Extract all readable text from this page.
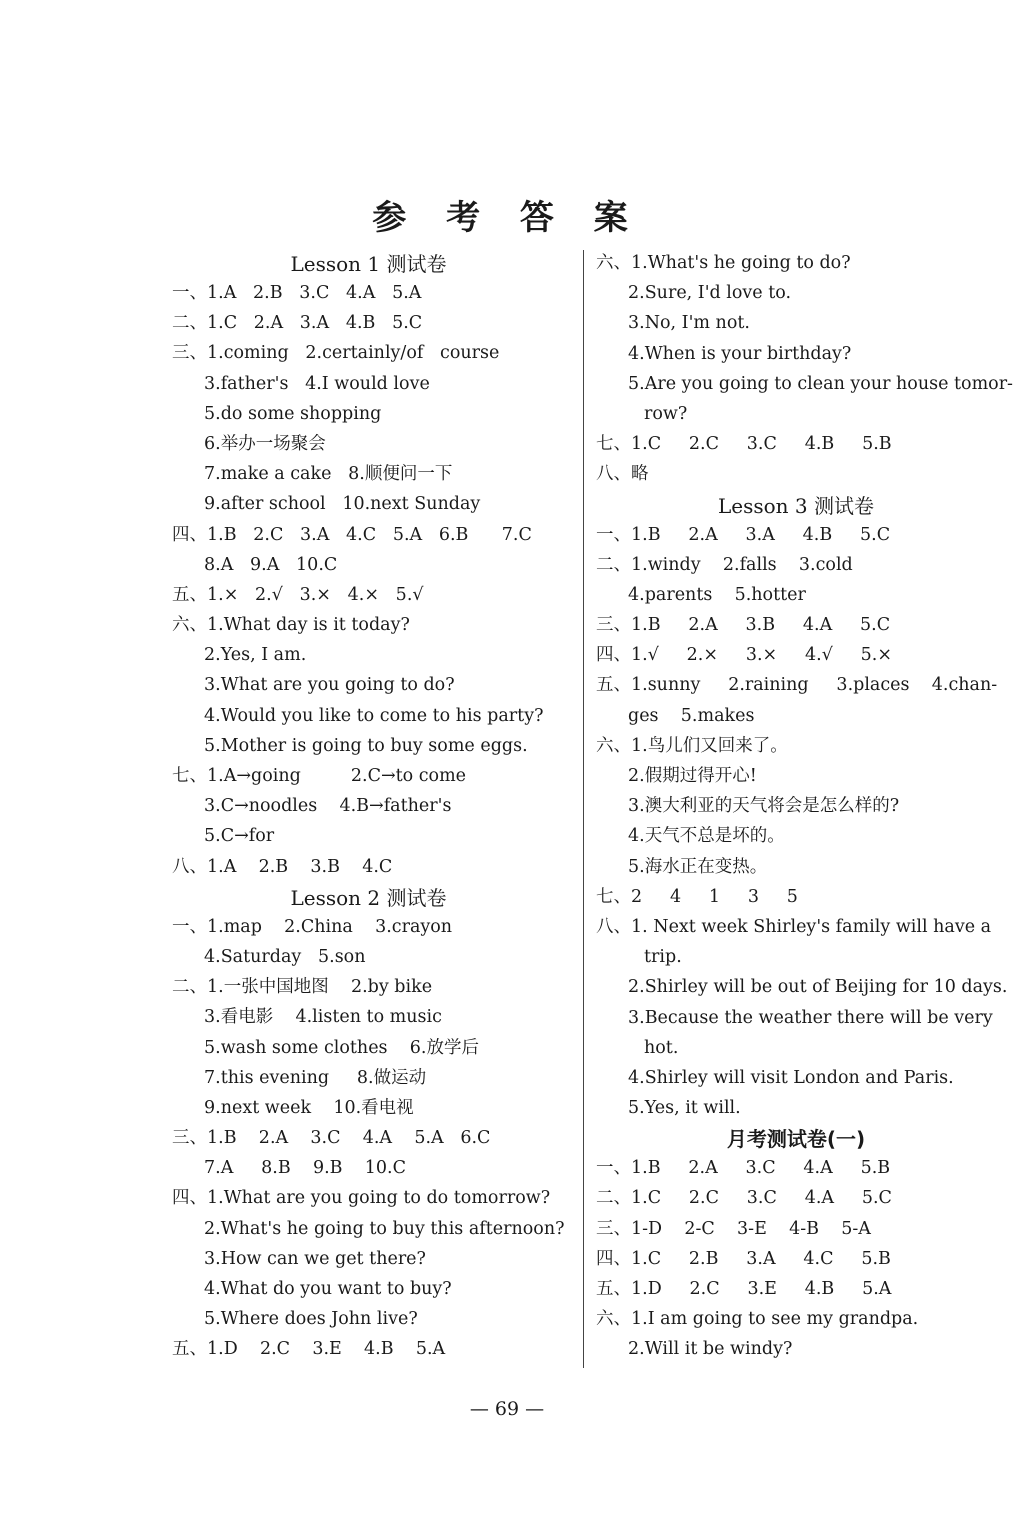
参 考 答 案
Lesson 1 测试卷
一、1.A   2.B   3.C   4.A   5.A
二、1.C   2.A   3.A   4.B   5.C
三、1.coming   2.certainly/of   course
3.father's   4.I would love
5.do some shopping
6.举办一场聚会
7.make a cake   8.顺便问一下
9.after school   10.next Sunday
四、1.B   2.C   3.A   4.C   5.A   6.B      7.C
8.A   9.A   10.C
五、1.×   2.√   3.×   4.×   5.√
六、1.What day is it today?
2.Yes, I am.
3.What are you going to do?
4.Would you like to come to his party?
5.Mother is going to buy some eggs.
七、1.A→going         2.C→to come
3.C→noodles    4.B→father's
5.C→for
八、1.A    2.B    3.B    4.C
Lesson 2 测试卷
一、1.map    2.China    3.crayon
4.Saturday   5.son
二、1.一张中国地图    2.by bike
3.看电影    4.listen to music
5.wash some clothes    6.放学后
7.this evening     8.做运动
9.next week    10.看电视
三、1.B    2.A    3.C    4.A    5.A   6.C
7.A     8.B    9.B    10.C
四、1.What are you going to do tomorrow?
2.What's he going to buy this afternoon?
3.How can we get there?
4.What do you want to buy?
5.Where does John live?
五、1.D    2.C    3.E    4.B    5.A
六、1.What's he going to do?
2.Sure, I'd love to.
3.No, I'm not.
4.When is your birthday?
5.Are you going to clean your house tomor-
row?
七、1.C     2.C     3.C     4.B     5.B
八、略
Lesson 3 测试卷
一、1.B     2.A     3.A     4.B     5.C
二、1.windy    2.falls    3.cold
4.parents    5.hotter
三、1.B     2.A     3.B     4.A     5.C
四、1.√     2.×     3.×     4.√     5.×
五、1.sunny     2.raining     3.places    4.chan-
ges    5.makes
六、1.鸟儿们又回来了。
2.假期过得开心!
3.澳大利亚的天气将会是怎么样的?
4.天气不总是坏的。
5.海水正在变热。
七、2     4     1     3     5
八、1. Next week Shirley's family will have a
trip.
2.Shirley will be out of Beijing for 10 days.
3.Because the weather there will be very
hot.
4.Shirley will visit London and Paris.
5.Yes, it will.
月考测试卷(一)
一、1.B     2.A     3.C     4.A     5.B
二、1.C     2.C     3.C     4.A     5.C
三、1-D    2-C    3-E    4-B    5-A
四、1.C     2.B     3.A     4.C     5.B
五、1.D     2.C     3.E     4.B     5.A
六、1.I am going to see my grandpa.
2.Will it be windy?
— 69 —
